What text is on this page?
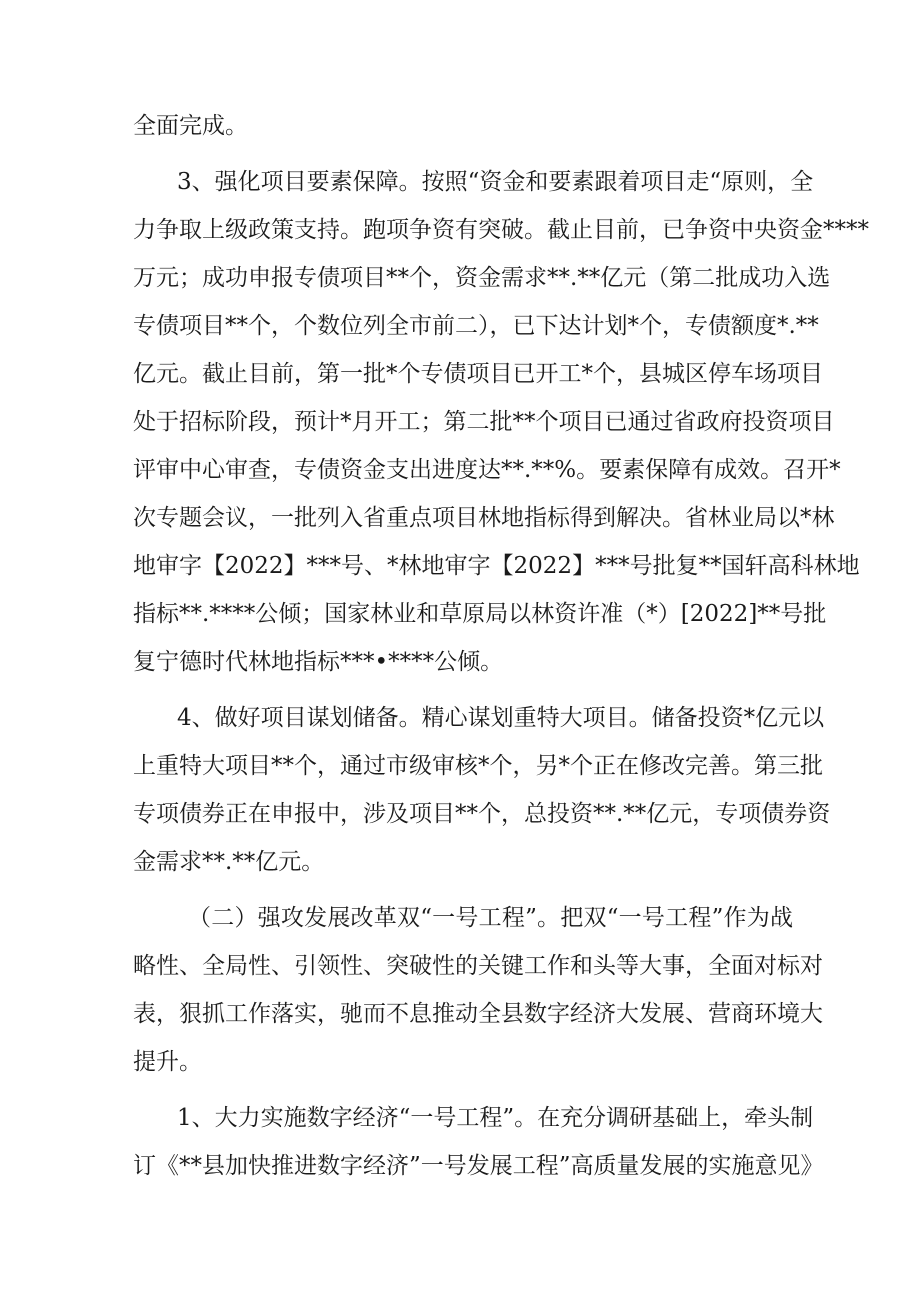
全面完成。
3、强化项目要素保障。按照“资金和要素跟着项目走“原则，全
力争取上级政策支持。跑项争资有突破。截止目前，已争资中央资金****
万元；成功申报专债项目**个，资金需求**.**亿元（第二批成功入选
专债项目**个，个数位列全市前二），已下达计划*个，专债额度*.**
亿元。截止目前，第一批*个专债项目已开工*个，县城区停车场项目
处于招标阶段，预计*月开工；第二批**个项目已通过省政府投资项目
评审中心审查，专债资金支出进度达**.**%。要素保障有成效。召开*
次专题会议，一批列入省重点项目林地指标得到解决。省林业局以*林
地审字【2022】***号、*林地审字【2022】***号批复**国轩高科林地
指标**.****公倾；国家林业和草原局以林资许准（*）[2022]**号批
复宁德时代林地指标***•****公倾。
4、做好项目谋划储备。精心谋划重特大项目。储备投资*亿元以
上重特大项目**个，通过市级审核*个，另*个正在修改完善。第三批
专项债券正在申报中，涉及项目**个，总投资**.**亿元，专项债券资
金需求**.**亿元。
（二）强攻发展改革双“一号工程”。把双“一号工程”作为战
略性、全局性、引领性、突破性的关键工作和头等大事，全面对标对
表，狠抓工作落实，驰而不息推动全县数字经济大发展、营商环境大
提升。
1、大力实施数字经济“一号工程”。在充分调研基础上，牵头制
订《**县加快推进数字经济”一号发展工程”高质量发展的实施意见》
